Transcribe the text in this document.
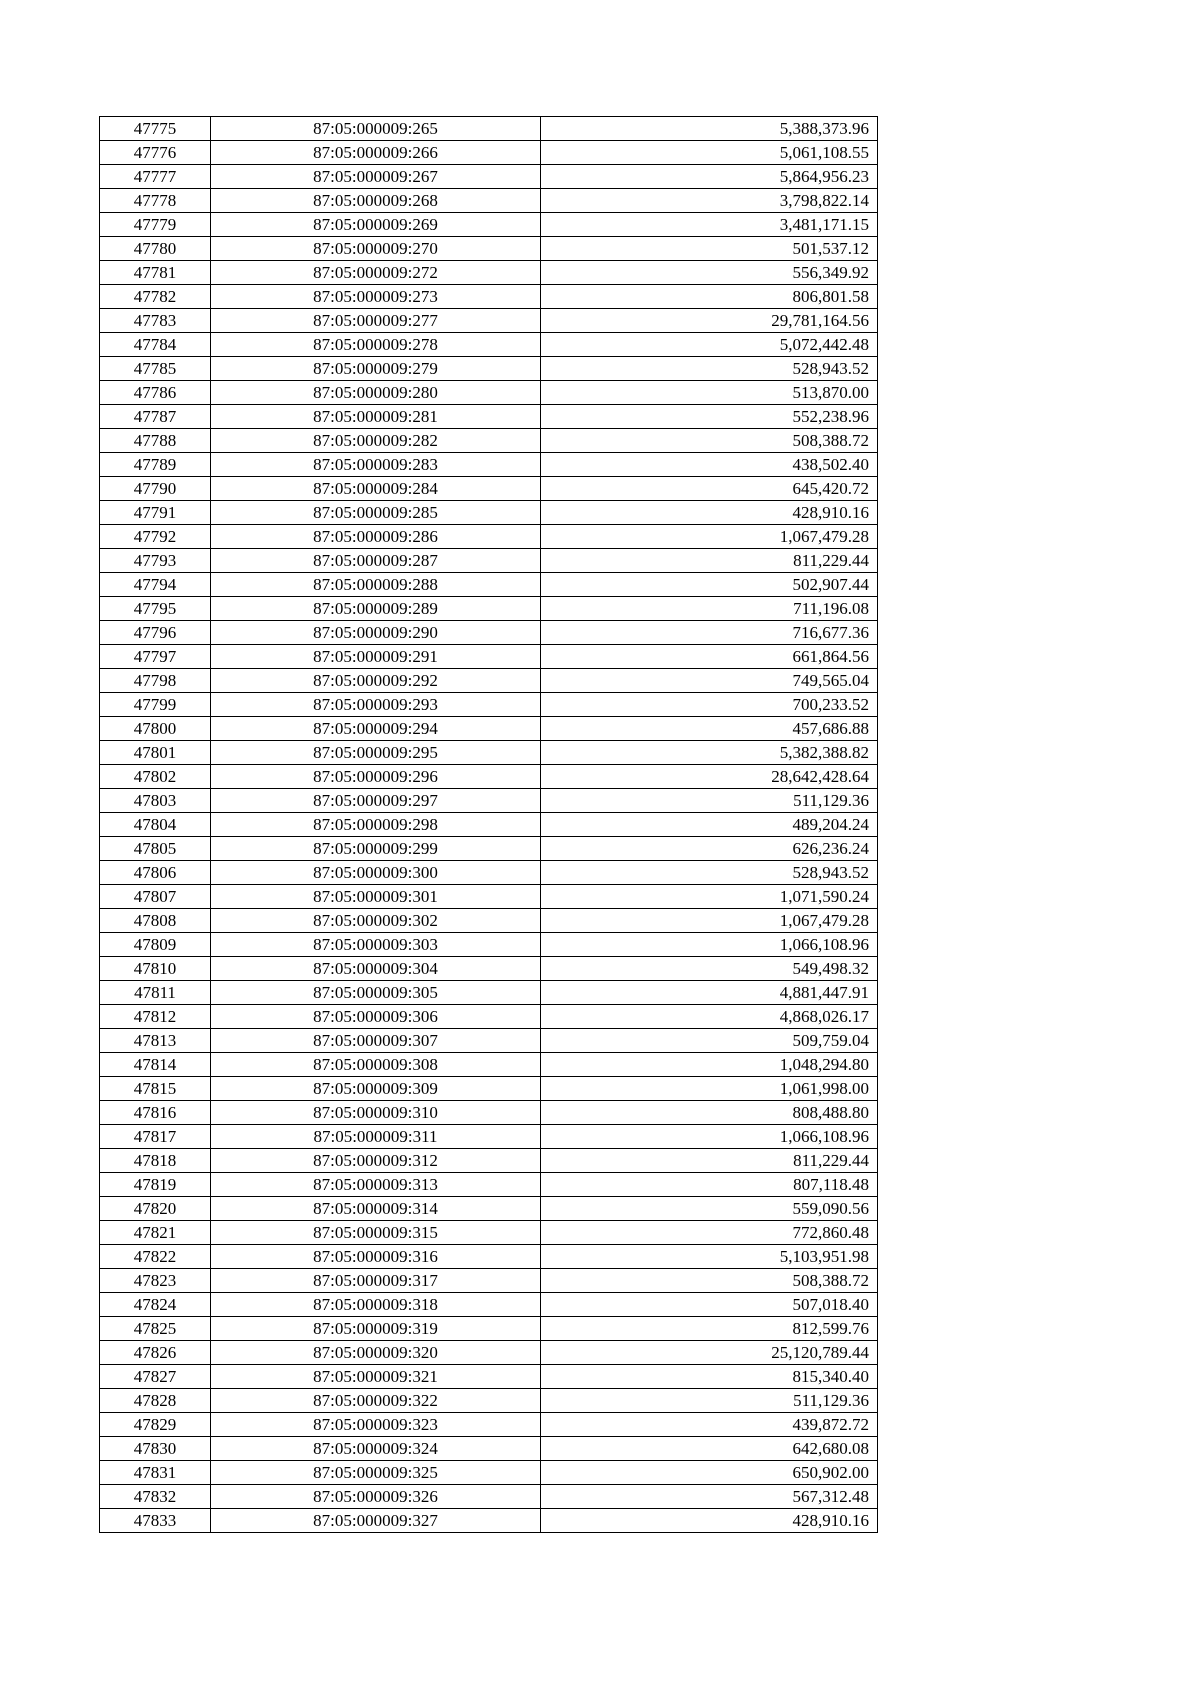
47775	87:05:000009:265	5,388,373.96
47776	87:05:000009:266	5,061,108.55
47777	87:05:000009:267	5,864,956.23
47778	87:05:000009:268	3,798,822.14
47779	87:05:000009:269	3,481,171.15
47780	87:05:000009:270	501,537.12
47781	87:05:000009:272	556,349.92
47782	87:05:000009:273	806,801.58
47783	87:05:000009:277	29,781,164.56
47784	87:05:000009:278	5,072,442.48
47785	87:05:000009:279	528,943.52
47786	87:05:000009:280	513,870.00
47787	87:05:000009:281	552,238.96
47788	87:05:000009:282	508,388.72
47789	87:05:000009:283	438,502.40
47790	87:05:000009:284	645,420.72
47791	87:05:000009:285	428,910.16
47792	87:05:000009:286	1,067,479.28
47793	87:05:000009:287	811,229.44
47794	87:05:000009:288	502,907.44
47795	87:05:000009:289	711,196.08
47796	87:05:000009:290	716,677.36
47797	87:05:000009:291	661,864.56
47798	87:05:000009:292	749,565.04
47799	87:05:000009:293	700,233.52
47800	87:05:000009:294	457,686.88
47801	87:05:000009:295	5,382,388.82
47802	87:05:000009:296	28,642,428.64
47803	87:05:000009:297	511,129.36
47804	87:05:000009:298	489,204.24
47805	87:05:000009:299	626,236.24
47806	87:05:000009:300	528,943.52
47807	87:05:000009:301	1,071,590.24
47808	87:05:000009:302	1,067,479.28
47809	87:05:000009:303	1,066,108.96
47810	87:05:000009:304	549,498.32
47811	87:05:000009:305	4,881,447.91
47812	87:05:000009:306	4,868,026.17
47813	87:05:000009:307	509,759.04
47814	87:05:000009:308	1,048,294.80
47815	87:05:000009:309	1,061,998.00
47816	87:05:000009:310	808,488.80
47817	87:05:000009:311	1,066,108.96
47818	87:05:000009:312	811,229.44
47819	87:05:000009:313	807,118.48
47820	87:05:000009:314	559,090.56
47821	87:05:000009:315	772,860.48
47822	87:05:000009:316	5,103,951.98
47823	87:05:000009:317	508,388.72
47824	87:05:000009:318	507,018.40
47825	87:05:000009:319	812,599.76
47826	87:05:000009:320	25,120,789.44
47827	87:05:000009:321	815,340.40
47828	87:05:000009:322	511,129.36
47829	87:05:000009:323	439,872.72
47830	87:05:000009:324	642,680.08
47831	87:05:000009:325	650,902.00
47832	87:05:000009:326	567,312.48
47833	87:05:000009:327	428,910.16
